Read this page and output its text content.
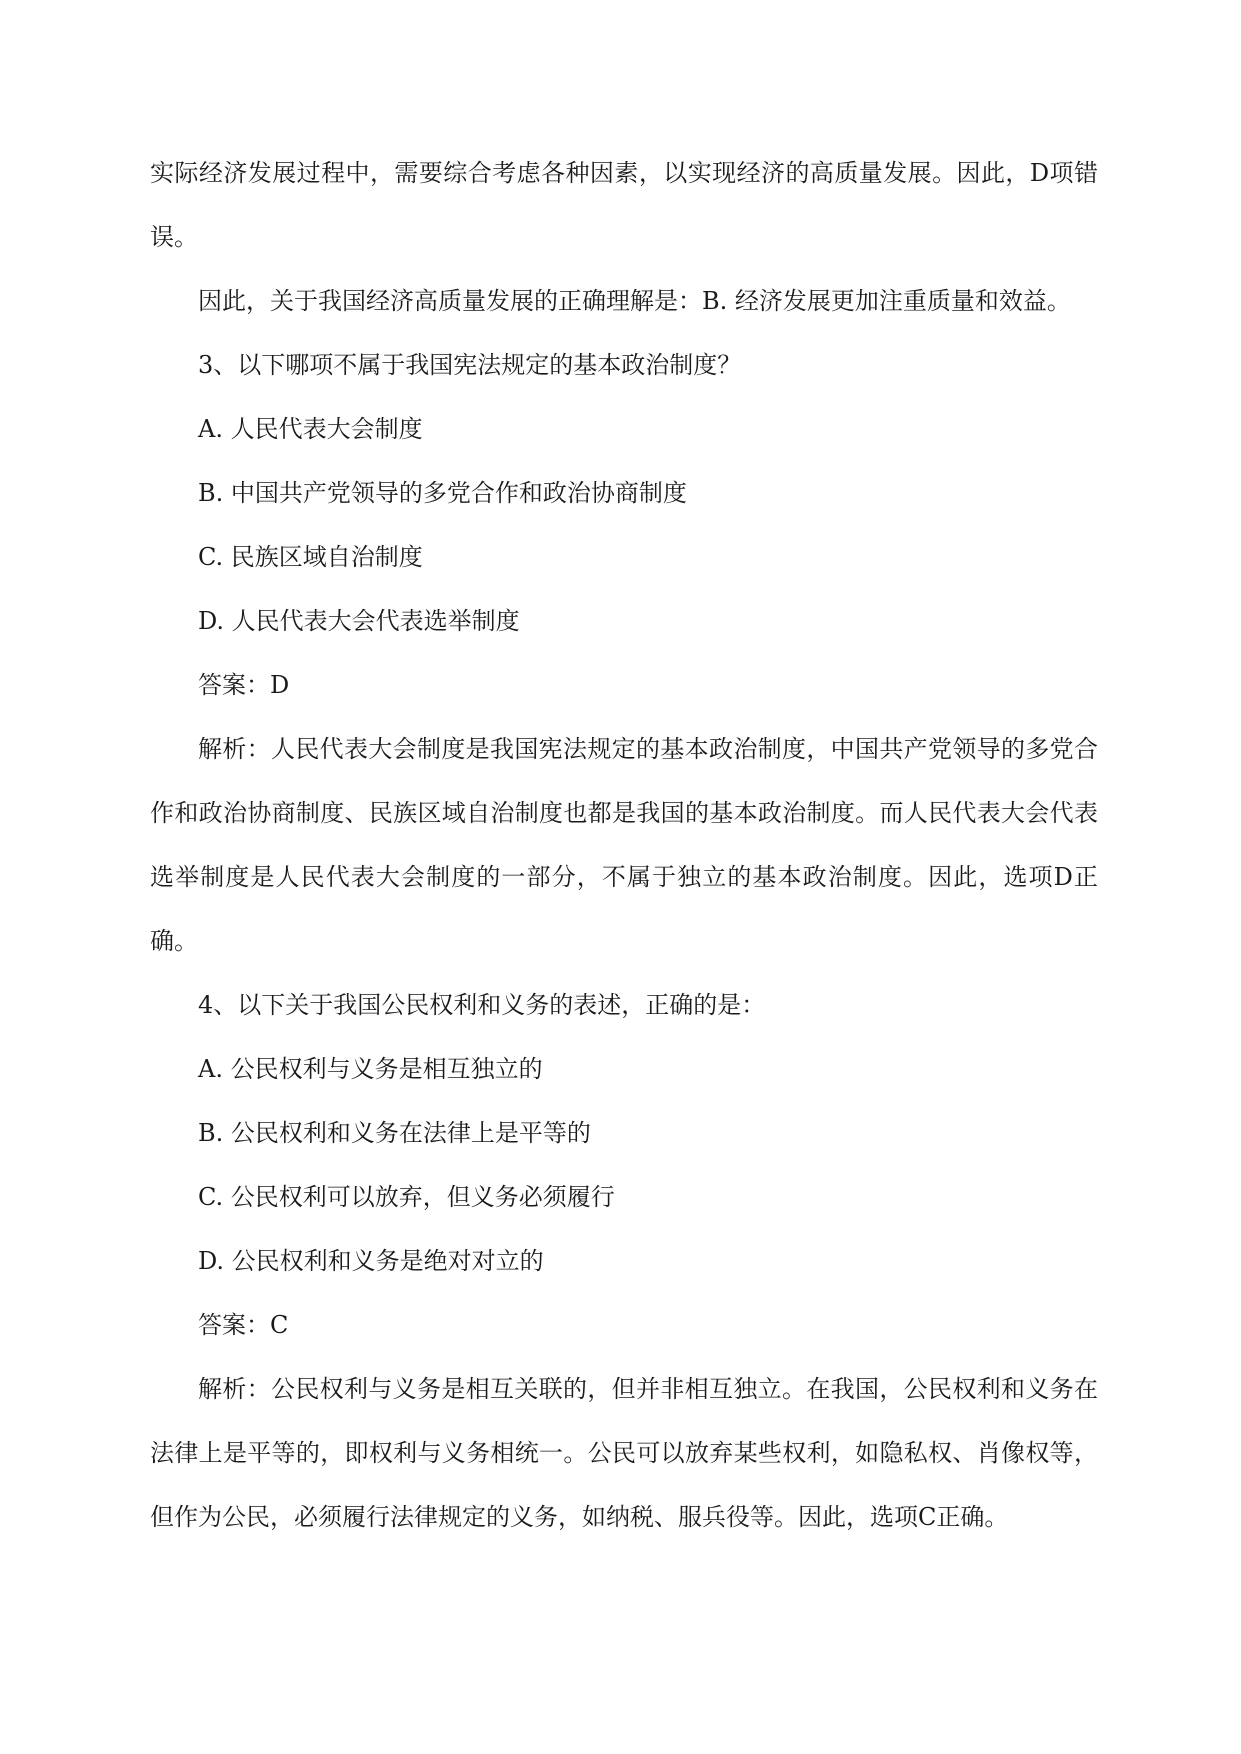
实际经济发展过程中，需要综合考虑各种因素，以实现经济的高质量发展。因此，D项错误。

因此，关于我国经济高质量发展的正确理解是：B. 经济发展更加注重质量和效益。

3、以下哪项不属于我国宪法规定的基本政治制度？

A. 人民代表大会制度

B. 中国共产党领导的多党合作和政治协商制度

C. 民族区域自治制度

D. 人民代表大会代表选举制度

答案：D

解析：人民代表大会制度是我国宪法规定的基本政治制度，中国共产党领导的多党合作和政治协商制度、民族区域自治制度也都是我国的基本政治制度。而人民代表大会代表选举制度是人民代表大会制度的一部分，不属于独立的基本政治制度。因此，选项D正确。

4、以下关于我国公民权利和义务的表述，正确的是：

A. 公民权利与义务是相互独立的

B. 公民权利和义务在法律上是平等的

C. 公民权利可以放弃，但义务必须履行

D. 公民权利和义务是绝对对立的

答案：C

解析：公民权利与义务是相互关联的，但并非相互独立。在我国，公民权利和义务在法律上是平等的，即权利与义务相统一。公民可以放弃某些权利，如隐私权、肖像权等，但作为公民，必须履行法律规定的义务，如纳税、服兵役等。因此，选项C正确。
